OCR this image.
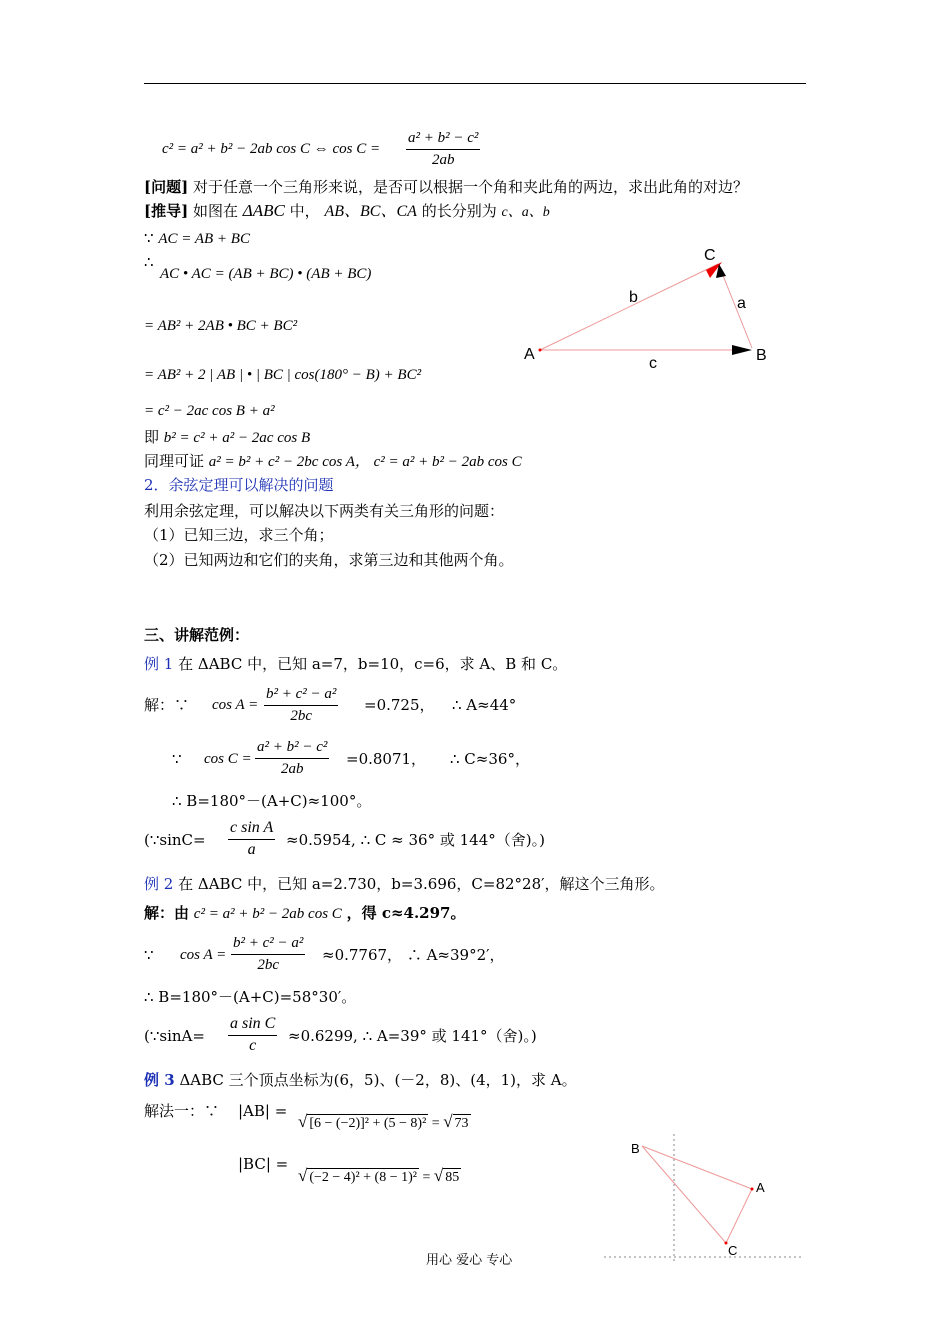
c² = a² + b² − 2ab cos C ⇔ $\cos C = \frac{\text{a² + b² − c²}}{2ab}$
[问题] 对于任意一个三角形来说，是否可以根据一个角和夹此角的两边，求出此角的对边？
[推导] 如图在 ΔABC 中， AB、BC、CA 的长分别为 c、a、b
∵ AC = AB + BC
∴
AC • AC = (AB + BC) • (AB + BC)
= AB² + 2AB • BC + BC²
= AB² + 2 | AB | • | BC | cos(180° − B) + BC²
= c² − 2ac cos B + a²
即 b² = c² + a² − 2ac cos B
同理可证 a² = b² + c² − 2bc cos A， c² = a² + b² − 2ab cos C
A	B
C
a
b
c
2．余弦定理可以解决的问题
利用余弦定理，可以解决以下两类有关三角形的问题：
（1）已知三边，求三个角；
（2）已知两边和它们的夹角，求第三边和其他两个角。
三、讲解范例：
例 1 在 ΔABC 中，已知 a=7，b=10，c=6，求 A、B 和 C。
解：∵ $\cos A = \frac{\text{b² + c² − a²}}{2bc} =0.725$， ∴ A≈44°
∵ $\cos C = \frac{\text{a² + b² − c²}}{2ab} =0.8071$， ∴ C≈36°，
∴ B=180°－(A+C)≈100°。
(∵sinC= $\frac{\text{c sin A}}{a} \approx 0.5954$, ∴ C ≈ 36° 或 144°（舍)。)
例 2 在 ΔABC 中，已知 a=2.730，b=3.696，C=82°28′，解这个三角形。
解：由 c² = a² + b² − 2ab cos C ，得 c≈4.297。
∵ $\cos A = \frac{\text{b² + c² − a²}}{2bc} \approx 0.7767$， ∴ A≈39°2′，
∴ B=180°－(A+C)=58°30′。
(∵sinA= $\frac{\text{a sin C}}{c} \approx 0.6299$, ∴ A=39° 或 141°（舍)。)
例 3 ΔABC 三个顶点坐标为(6，5)、(－2，8)、(4，1)，求 A。
解法一：∵ |AB| =
√ [6 − (−2)]² + (5 − 8)² = √ 73
|BC| =
√ (−2 − 4)² + (8 − 1)² = √ 85
B
A
C
用心 爱心 专心
